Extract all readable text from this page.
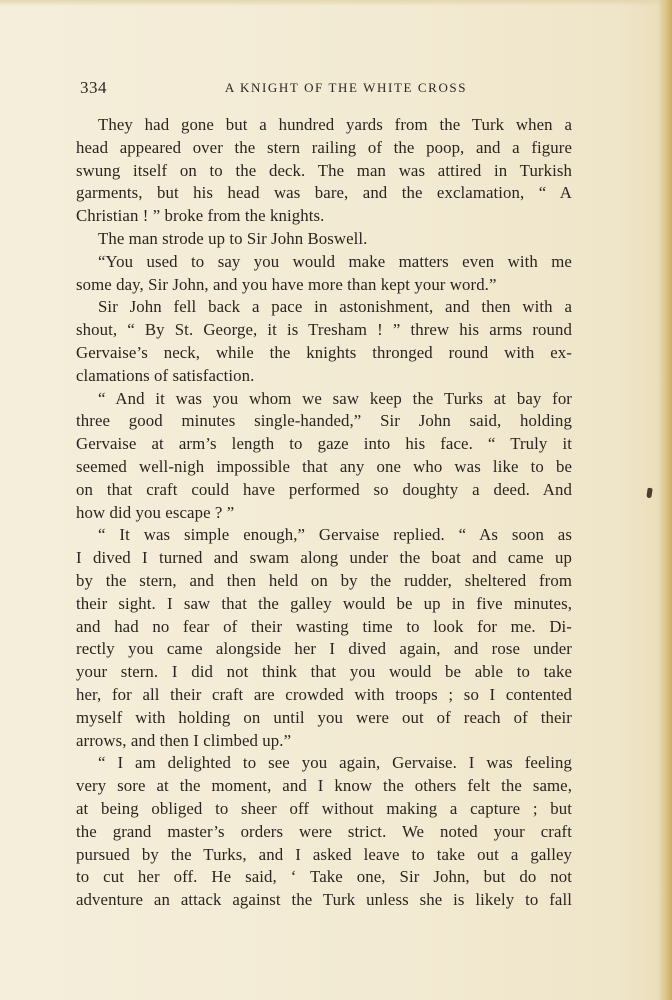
334	A KNIGHT OF THE WHITE CROSS
They had gone but a hundred yards from the Turk when a
head appeared over the stern railing of the poop, and a figure
swung itself on to the deck. The man was attired in Turkish
garments, but his head was bare, and the exclamation, “ A
Christian ! ” broke from the knights.
The man strode up to Sir John Boswell.
“You used to say you would make matters even with me
some day, Sir John, and you have more than kept your word.”
Sir John fell back a pace in astonishment, and then with a
shout, “ By St. George, it is Tresham ! ” threw his arms round
Gervaise’s neck, while the knights thronged round with ex-
clamations of satisfaction.
“ And it was you whom we saw keep the Turks at bay for
three good minutes single-handed,” Sir John said, holding
Gervaise at arm’s length to gaze into his face. “ Truly it
seemed well-nigh impossible that any one who was like to be
on that craft could have performed so doughty a deed. And
how did you escape ? ”
“ It was simple enough,” Gervaise replied. “ As soon as
I dived I turned and swam along under the boat and came up
by the stern, and then held on by the rudder, sheltered from
their sight. I saw that the galley would be up in five minutes,
and had no fear of their wasting time to look for me. Di-
rectly you came alongside her I dived again, and rose under
your stern. I did not think that you would be able to take
her, for all their craft are crowded with troops ; so I contented
myself with holding on until you were out of reach of their
arrows, and then I climbed up.”
“ I am delighted to see you again, Gervaise. I was feeling
very sore at the moment, and I know the others felt the same,
at being obliged to sheer off without making a capture ; but
the grand master’s orders were strict. We noted your craft
pursued by the Turks, and I asked leave to take out a galley
to cut her off. He said, ‘ Take one, Sir John, but do not
adventure an attack against the Turk unless she is likely to fall
